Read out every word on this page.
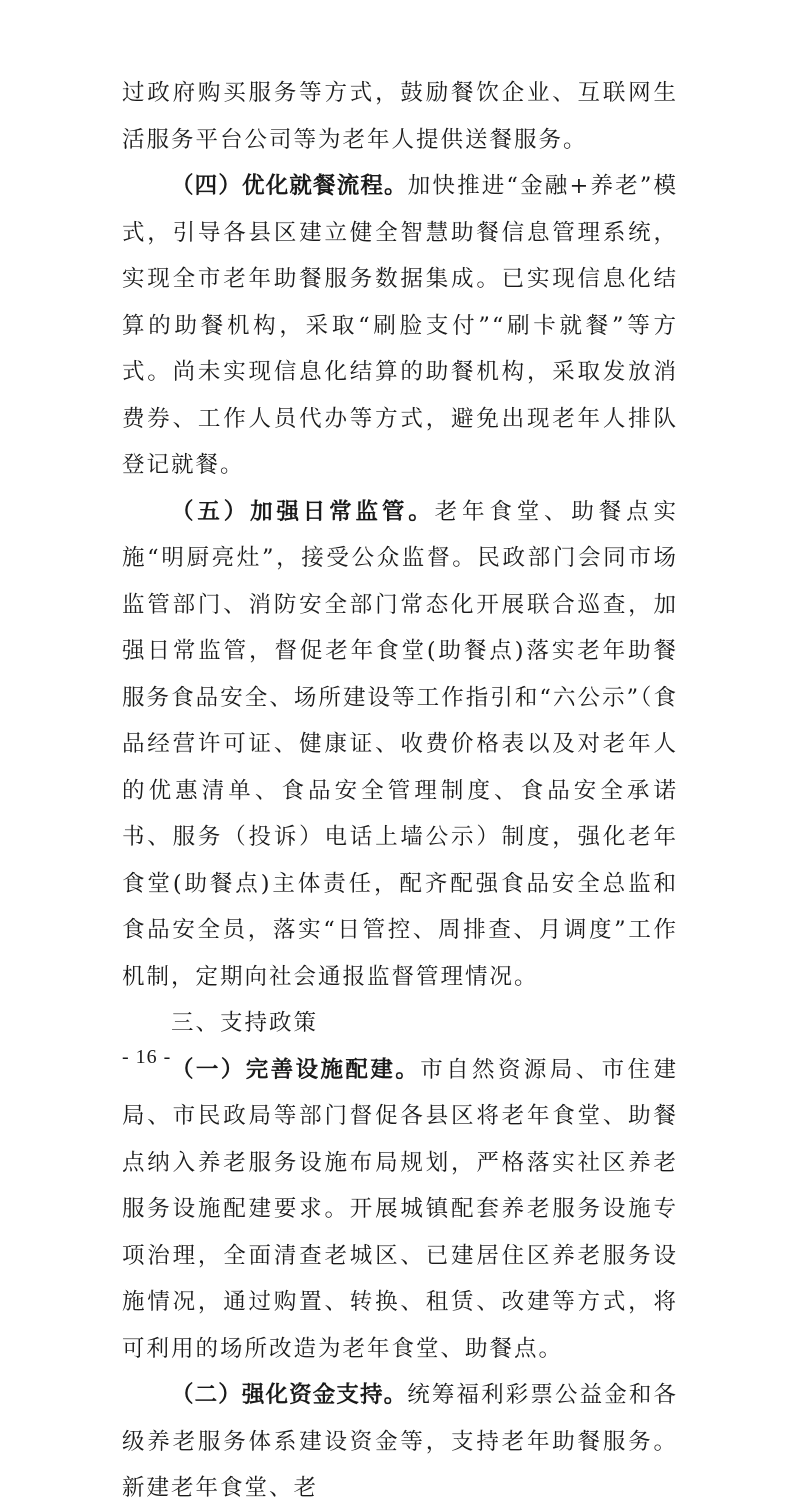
过政府购买服务等方式，鼓励餐饮企业、互联网生活服务平台公司等为老年人提供送餐服务。

（四）优化就餐流程。加快推进“金融+养老”模式，引导各县区建立健全智慧助餐信息管理系统，实现全市老年助餐服务数据集成。已实现信息化结算的助餐机构，采取“刷脸支付”“刷卡就餐”等方式。尚未实现信息化结算的助餐机构，采取发放消费券、工作人员代办等方式，避免出现老年人排队登记就餐。

（五）加强日常监管。老年食堂、助餐点实施“明厨亮灶”，接受公众监督。民政部门会同市场监管部门、消防安全部门常态化开展联合巡查，加强日常监管，督促老年食堂(助餐点)落实老年助餐服务食品安全、场所建设等工作指引和“六公示”（食品经营许可证、健康证、收费价格表以及对老年人的优惠清单、食品安全管理制度、食品安全承诺书、服务（投诉）电话上墙公示）制度，强化老年食堂(助餐点)主体责任，配齐配强食品安全总监和食品安全员，落实“日管控、周排查、月调度”工作机制，定期向社会通报监督管理情况。

三、支持政策

（一）完善设施配建。市自然资源局、市住建局、市民政局等部门督促各县区将老年食堂、助餐点纳入养老服务设施布局规划，严格落实社区养老服务设施配建要求。开展城镇配套养老服务设施专项治理，全面清查老城区、已建居住区养老服务设施情况，通过购置、转换、租赁、改建等方式，将可利用的场所改造为老年食堂、助餐点。

（二）强化资金支持。统筹福利彩票公益金和各级养老服务体系建设资金等，支持老年助餐服务。新建老年食堂、老

- 16 -
